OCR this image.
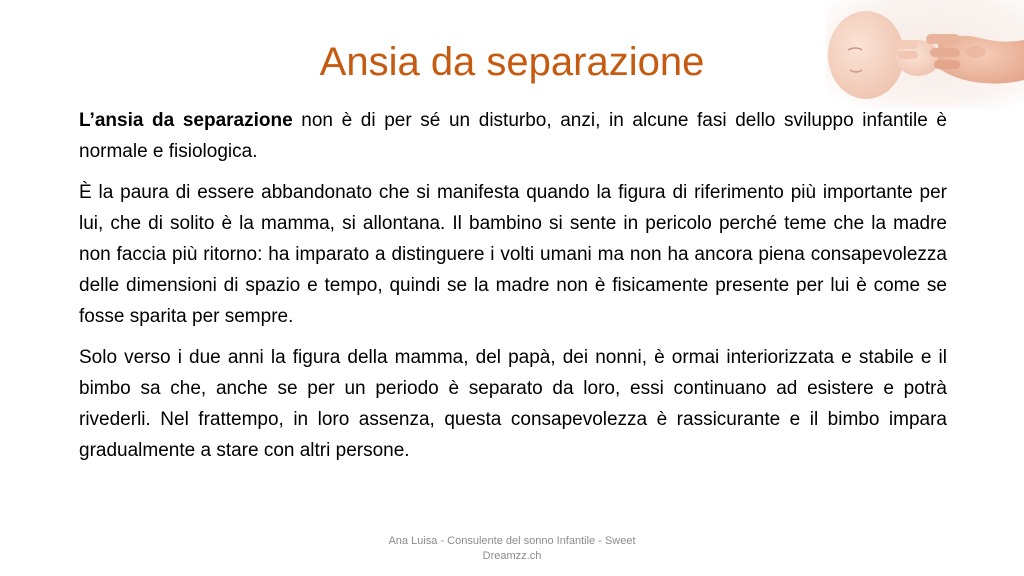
Ansia da separazione

L’ansia da separazione non è di per sé un disturbo, anzi, in alcune fasi dello sviluppo infantile è normale e fisiologica.

È la paura di essere abbandonato che si manifesta quando la figura di riferimento più importante per lui, che di solito è la mamma, si allontana. Il bambino si sente in pericolo perché teme che la madre non faccia più ritorno: ha imparato a distinguere i volti umani ma non ha ancora piena consapevolezza delle dimensioni di spazio e tempo, quindi se la madre non è fisicamente presente per lui è come se fosse sparita per sempre.

Solo verso i due anni la figura della mamma, del papà, dei nonni, è ormai interiorizzata e stabile e il bimbo sa che, anche se per un periodo è separato da loro, essi continuano ad esistere e potrà rivederli. Nel frattempo, in loro assenza, questa consapevolezza è rassicurante e il bimbo impara gradualmente a stare con altri persone.

Ana Luisa - Consulente del sonno Infantile - Sweet Dreamzz.ch
